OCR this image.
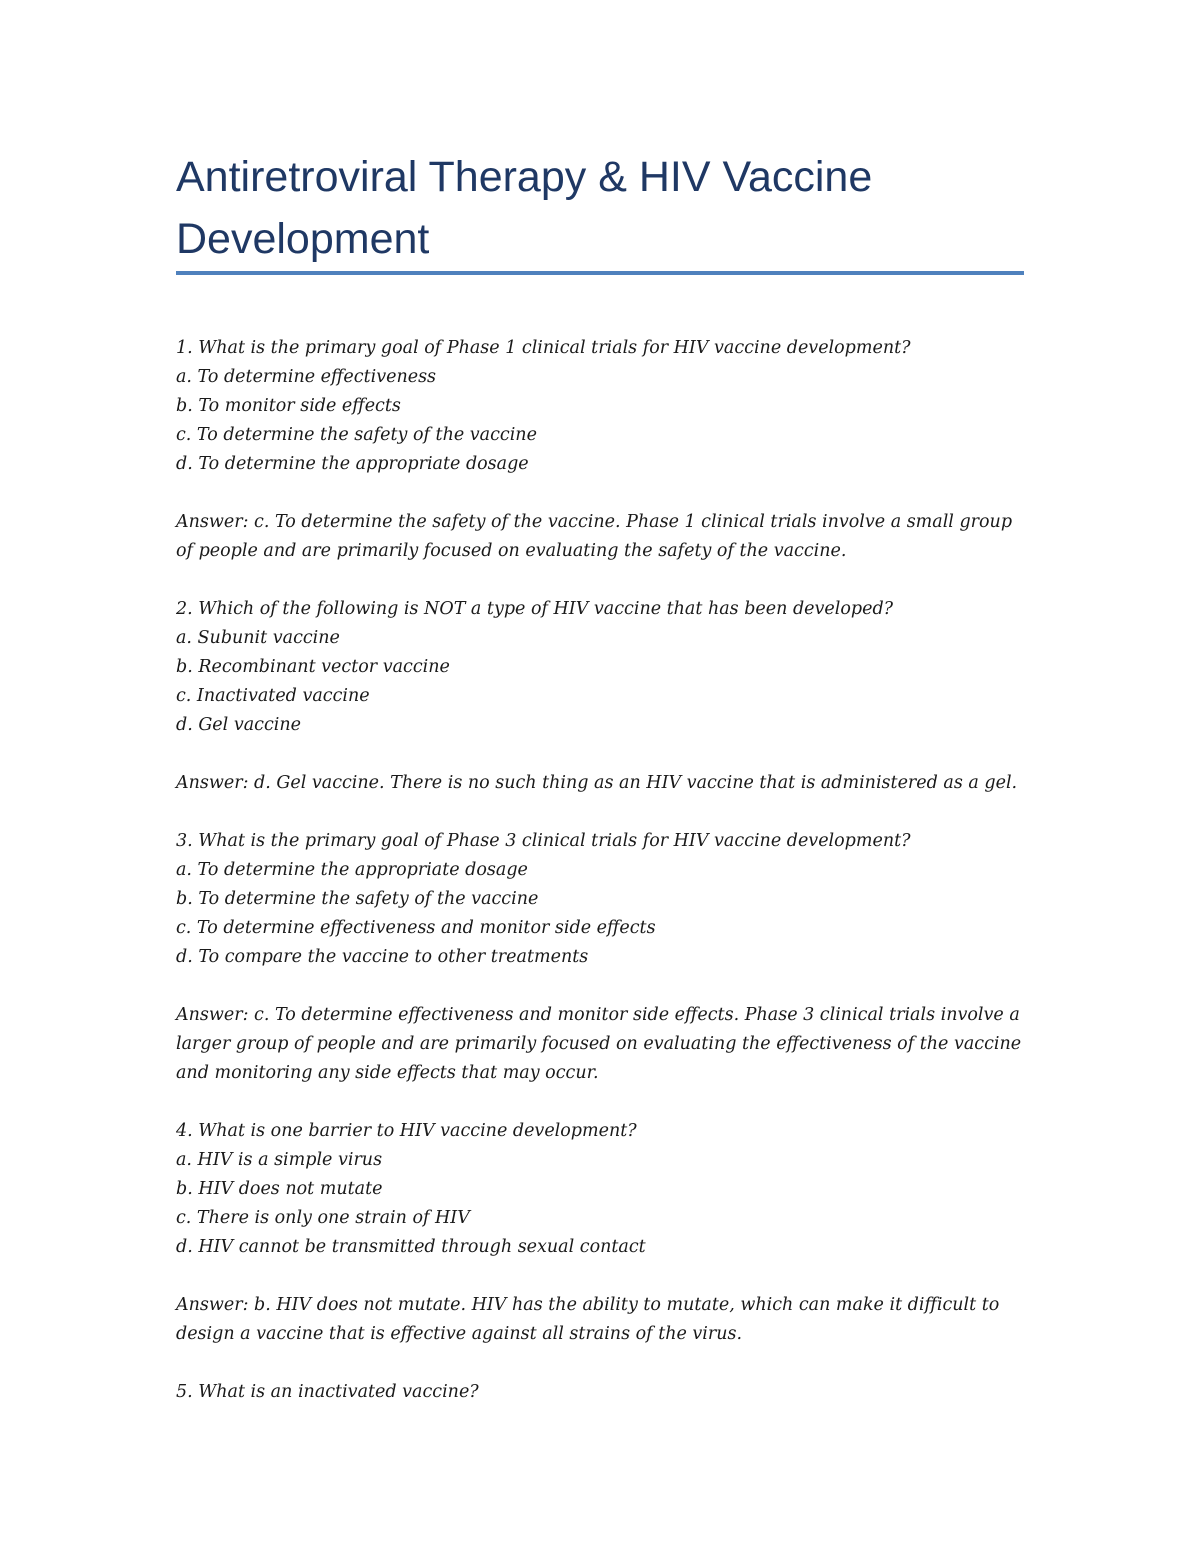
Antiretroviral Therapy & HIV Vaccine
Development
1. What is the primary goal of Phase 1 clinical trials for HIV vaccine development?
a. To determine effectiveness
b. To monitor side effects
c. To determine the safety of the vaccine
d. To determine the appropriate dosage
Answer: c. To determine the safety of the vaccine. Phase 1 clinical trials involve a small group
of people and are primarily focused on evaluating the safety of the vaccine.
2. Which of the following is NOT a type of HIV vaccine that has been developed?
a. Subunit vaccine
b. Recombinant vector vaccine
c. Inactivated vaccine
d. Gel vaccine
Answer: d. Gel vaccine. There is no such thing as an HIV vaccine that is administered as a gel.
3. What is the primary goal of Phase 3 clinical trials for HIV vaccine development?
a. To determine the appropriate dosage
b. To determine the safety of the vaccine
c. To determine effectiveness and monitor side effects
d. To compare the vaccine to other treatments
Answer: c. To determine effectiveness and monitor side effects. Phase 3 clinical trials involve a
larger group of people and are primarily focused on evaluating the effectiveness of the vaccine
and monitoring any side effects that may occur.
4. What is one barrier to HIV vaccine development?
a. HIV is a simple virus
b. HIV does not mutate
c. There is only one strain of HIV
d. HIV cannot be transmitted through sexual contact
Answer: b. HIV does not mutate. HIV has the ability to mutate, which can make it difficult to
design a vaccine that is effective against all strains of the virus.
5. What is an inactivated vaccine?
